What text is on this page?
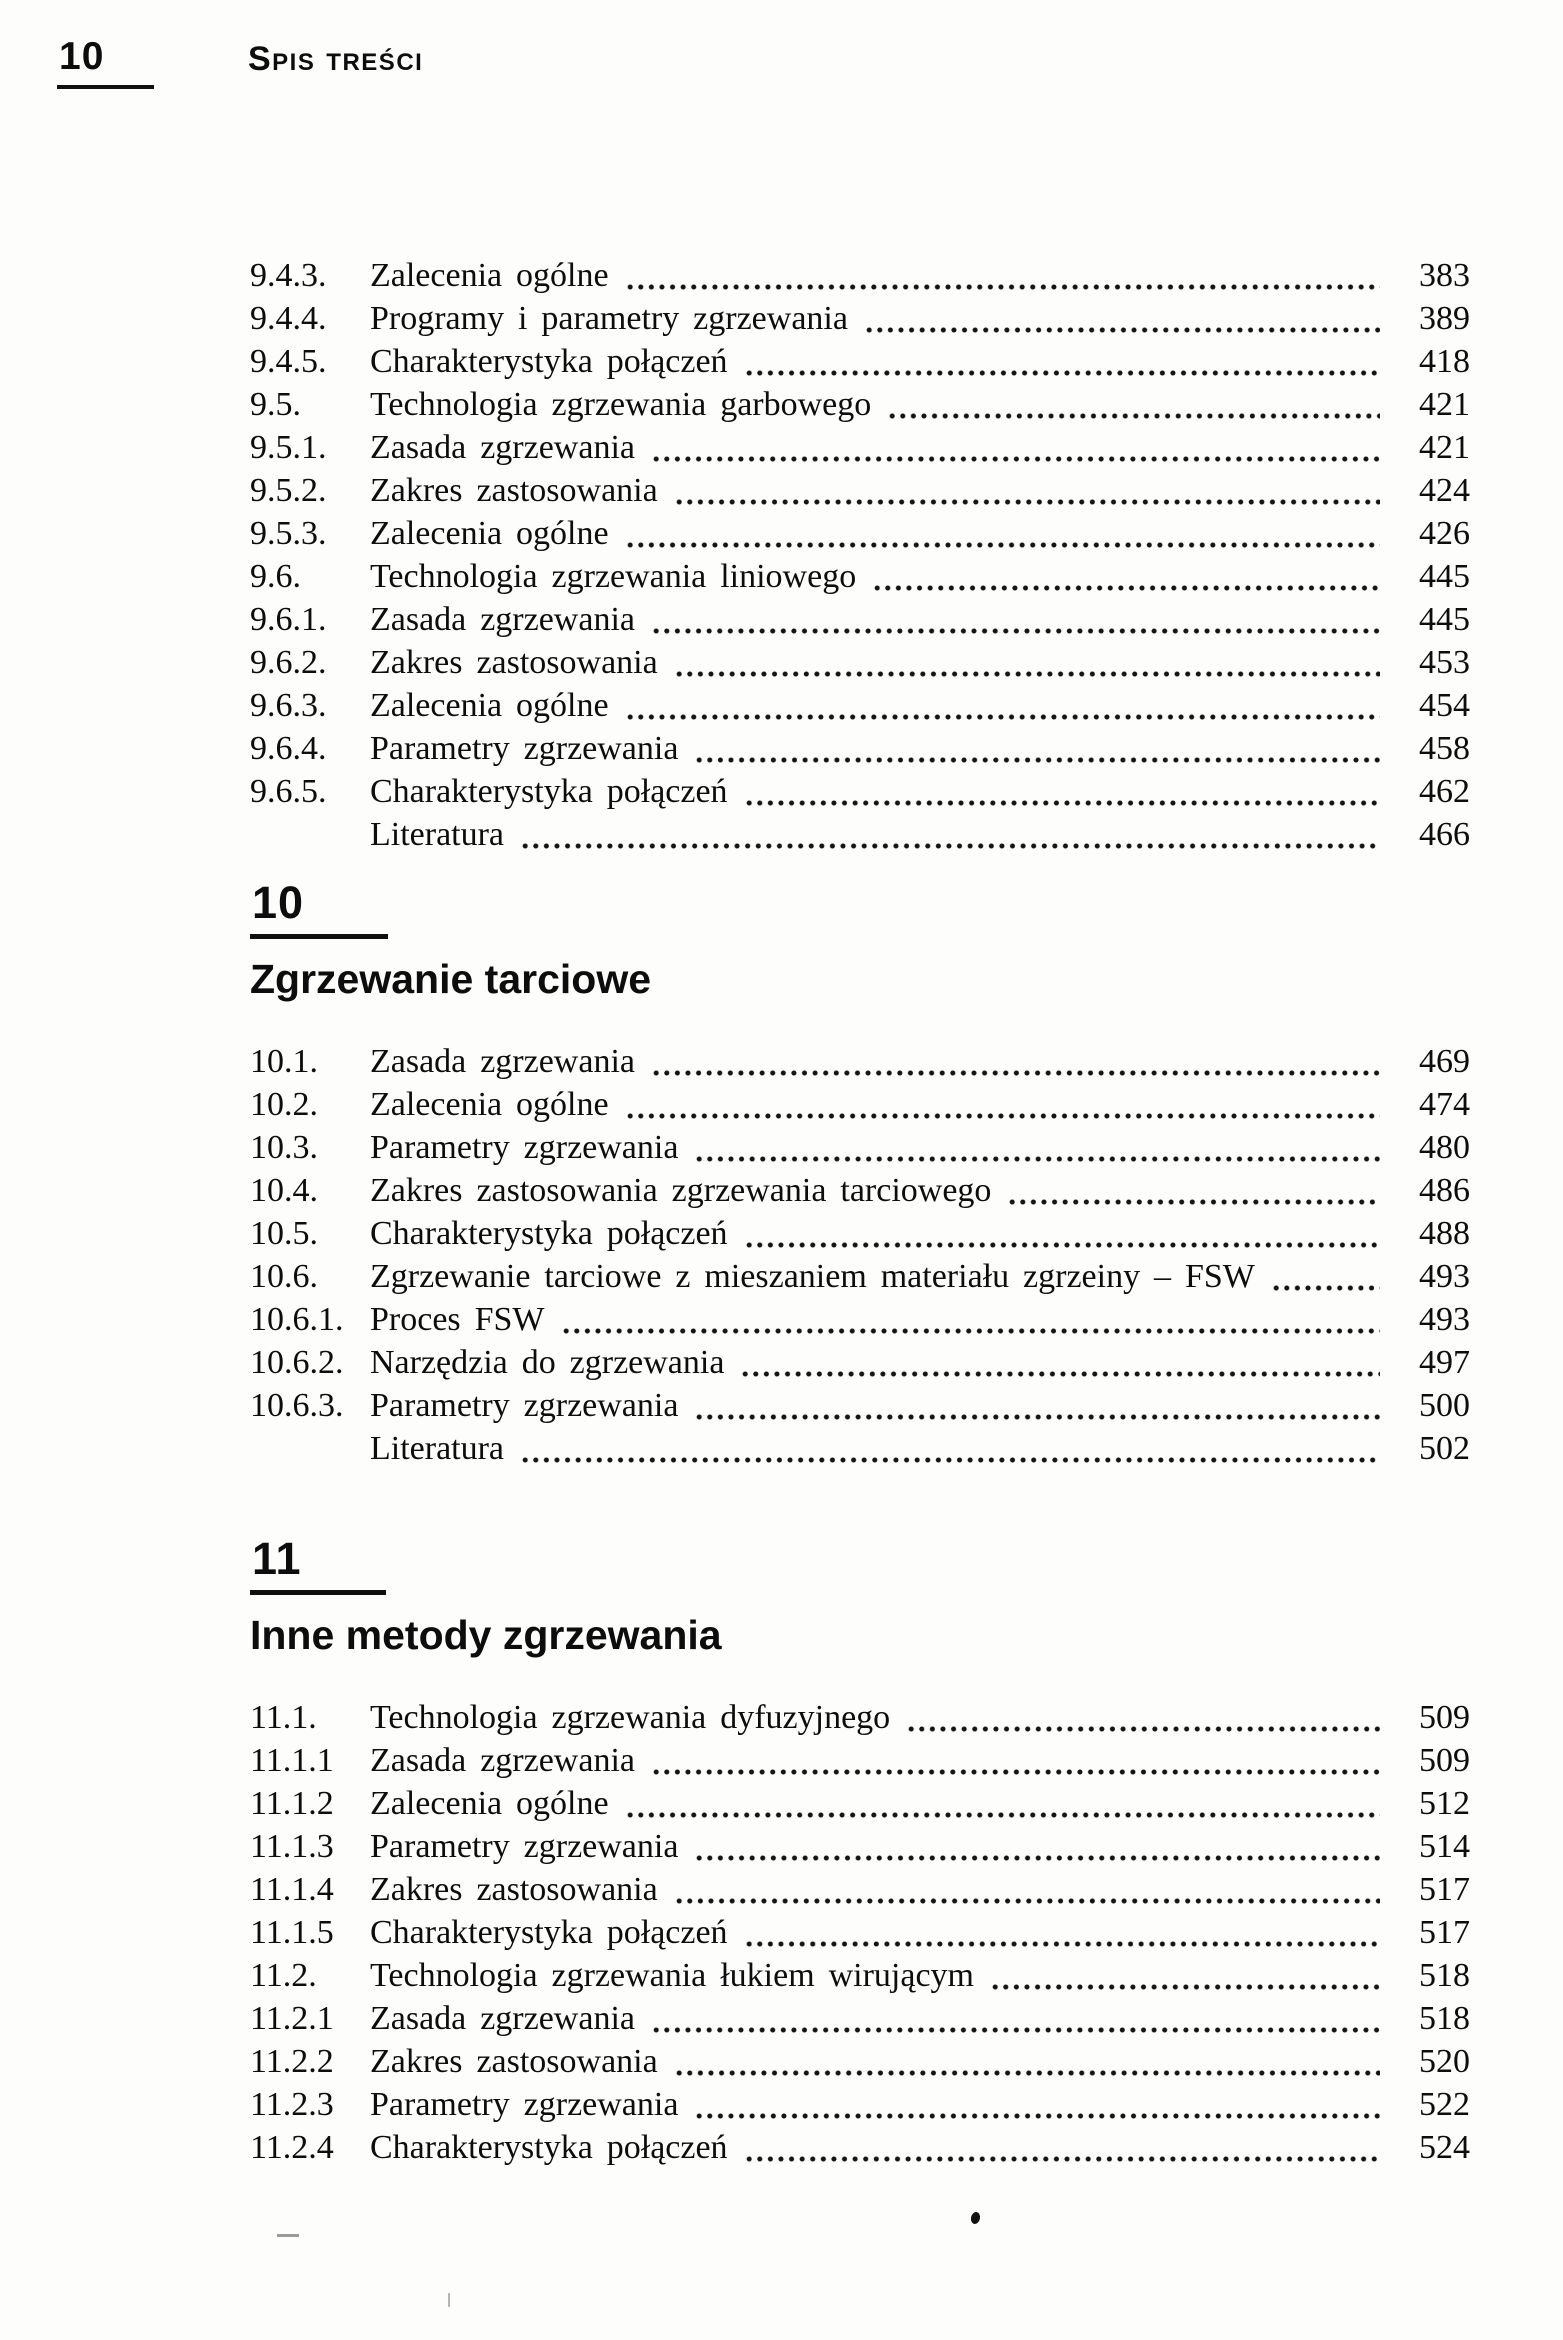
10	Spis treści
9.4.3.	Zalecenia ogólne	383
9.4.4.	Programy i parametry zgrzewania	389
9.4.5.	Charakterystyka połączeń	418
9.5.	Technologia zgrzewania garbowego	421
9.5.1.	Zasada zgrzewania	421
9.5.2.	Zakres zastosowania	424
9.5.3.	Zalecenia ogólne	426
9.6.	Technologia zgrzewania liniowego	445
9.6.1.	Zasada zgrzewania	445
9.6.2.	Zakres zastosowania	453
9.6.3.	Zalecenia ogólne	454
9.6.4.	Parametry zgrzewania	458
9.6.5.	Charakterystyka połączeń	462
Literatura	466
10
Zgrzewanie tarciowe
10.1.	Zasada zgrzewania	469
10.2.	Zalecenia ogólne	474
10.3.	Parametry zgrzewania	480
10.4.	Zakres zastosowania zgrzewania tarciowego	486
10.5.	Charakterystyka połączeń	488
10.6.	Zgrzewanie tarciowe z mieszaniem materiału zgrzeiny – FSW	493
10.6.1. Proces FSW	493
10.6.2. Narzędzia do zgrzewania	497
10.6.3. Parametry zgrzewania	500
Literatura	502
11
Inne metody zgrzewania
11.1.	Technologia zgrzewania dyfuzyjnego	509
11.1.1	Zasada zgrzewania	509
11.1.2	Zalecenia ogólne	512
11.1.3	Parametry zgrzewania	514
11.1.4	Zakres zastosowania	517
11.1.5	Charakterystyka połączeń	517
11.2.	Technologia zgrzewania łukiem wirującym	518
11.2.1	Zasada zgrzewania	518
11.2.2	Zakres zastosowania	520
11.2.3	Parametry zgrzewania	522
11.2.4	Charakterystyka połączeń	524
